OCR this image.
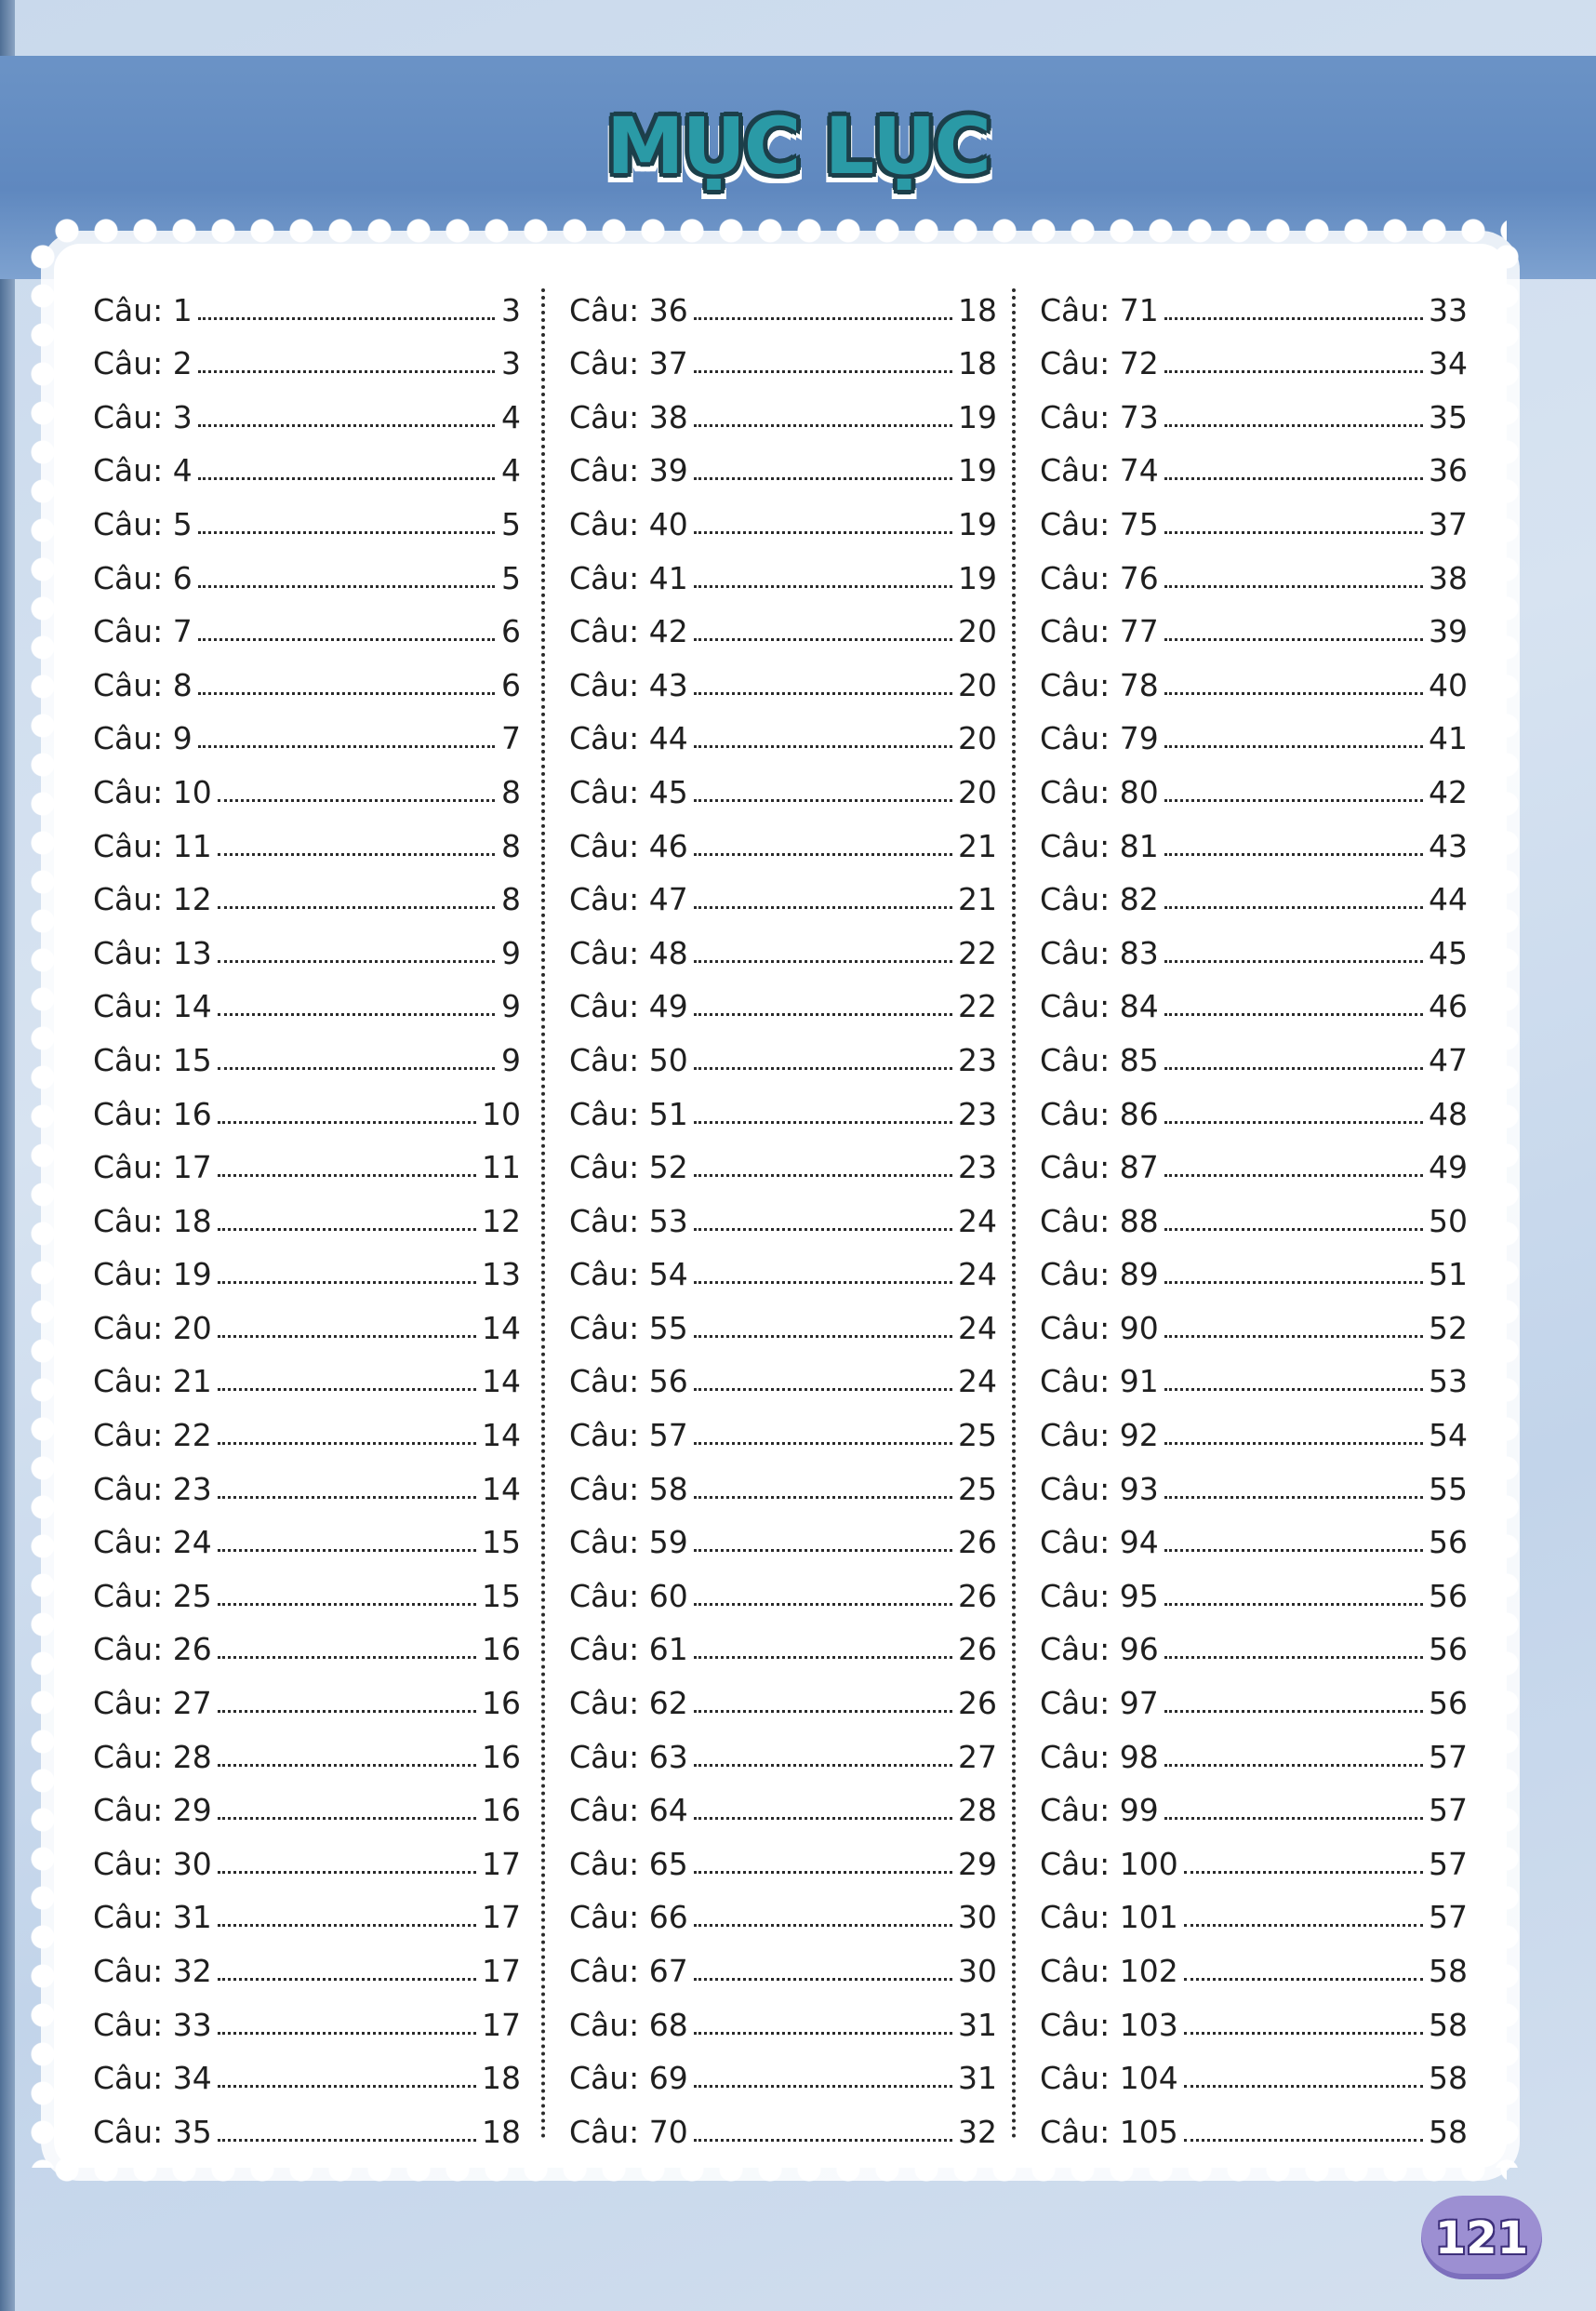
MỤC LỤC
Câu: 1	3
Câu: 2	3
Câu: 3	4
Câu: 4	4
Câu: 5	5
Câu: 6	5
Câu: 7	6
Câu: 8	6
Câu: 9	7
Câu: 10	8
Câu: 11	8
Câu: 12	8
Câu: 13	9
Câu: 14	9
Câu: 15	9
Câu: 16	10
Câu: 17	11
Câu: 18	12
Câu: 19	13
Câu: 20	14
Câu: 21	14
Câu: 22	14
Câu: 23	14
Câu: 24	15
Câu: 25	15
Câu: 26	16
Câu: 27	16
Câu: 28	16
Câu: 29	16
Câu: 30	17
Câu: 31	17
Câu: 32	17
Câu: 33	17
Câu: 34	18
Câu: 35	18
Câu: 36	18
Câu: 37	18
Câu: 38	19
Câu: 39	19
Câu: 40	19
Câu: 41	19
Câu: 42	20
Câu: 43	20
Câu: 44	20
Câu: 45	20
Câu: 46	21
Câu: 47	21
Câu: 48	22
Câu: 49	22
Câu: 50	23
Câu: 51	23
Câu: 52	23
Câu: 53	24
Câu: 54	24
Câu: 55	24
Câu: 56	24
Câu: 57	25
Câu: 58	25
Câu: 59	26
Câu: 60	26
Câu: 61	26
Câu: 62	26
Câu: 63	27
Câu: 64	28
Câu: 65	29
Câu: 66	30
Câu: 67	30
Câu: 68	31
Câu: 69	31
Câu: 70	32
Câu: 71	33
Câu: 72	34
Câu: 73	35
Câu: 74	36
Câu: 75	37
Câu: 76	38
Câu: 77	39
Câu: 78	40
Câu: 79	41
Câu: 80	42
Câu: 81	43
Câu: 82	44
Câu: 83	45
Câu: 84	46
Câu: 85	47
Câu: 86	48
Câu: 87	49
Câu: 88	50
Câu: 89	51
Câu: 90	52
Câu: 91	53
Câu: 92	54
Câu: 93	55
Câu: 94	56
Câu: 95	56
Câu: 96	56
Câu: 97	56
Câu: 98	57
Câu: 99	57
Câu: 100	57
Câu: 101	57
Câu: 102	58
Câu: 103	58
Câu: 104	58
Câu: 105	58
121
